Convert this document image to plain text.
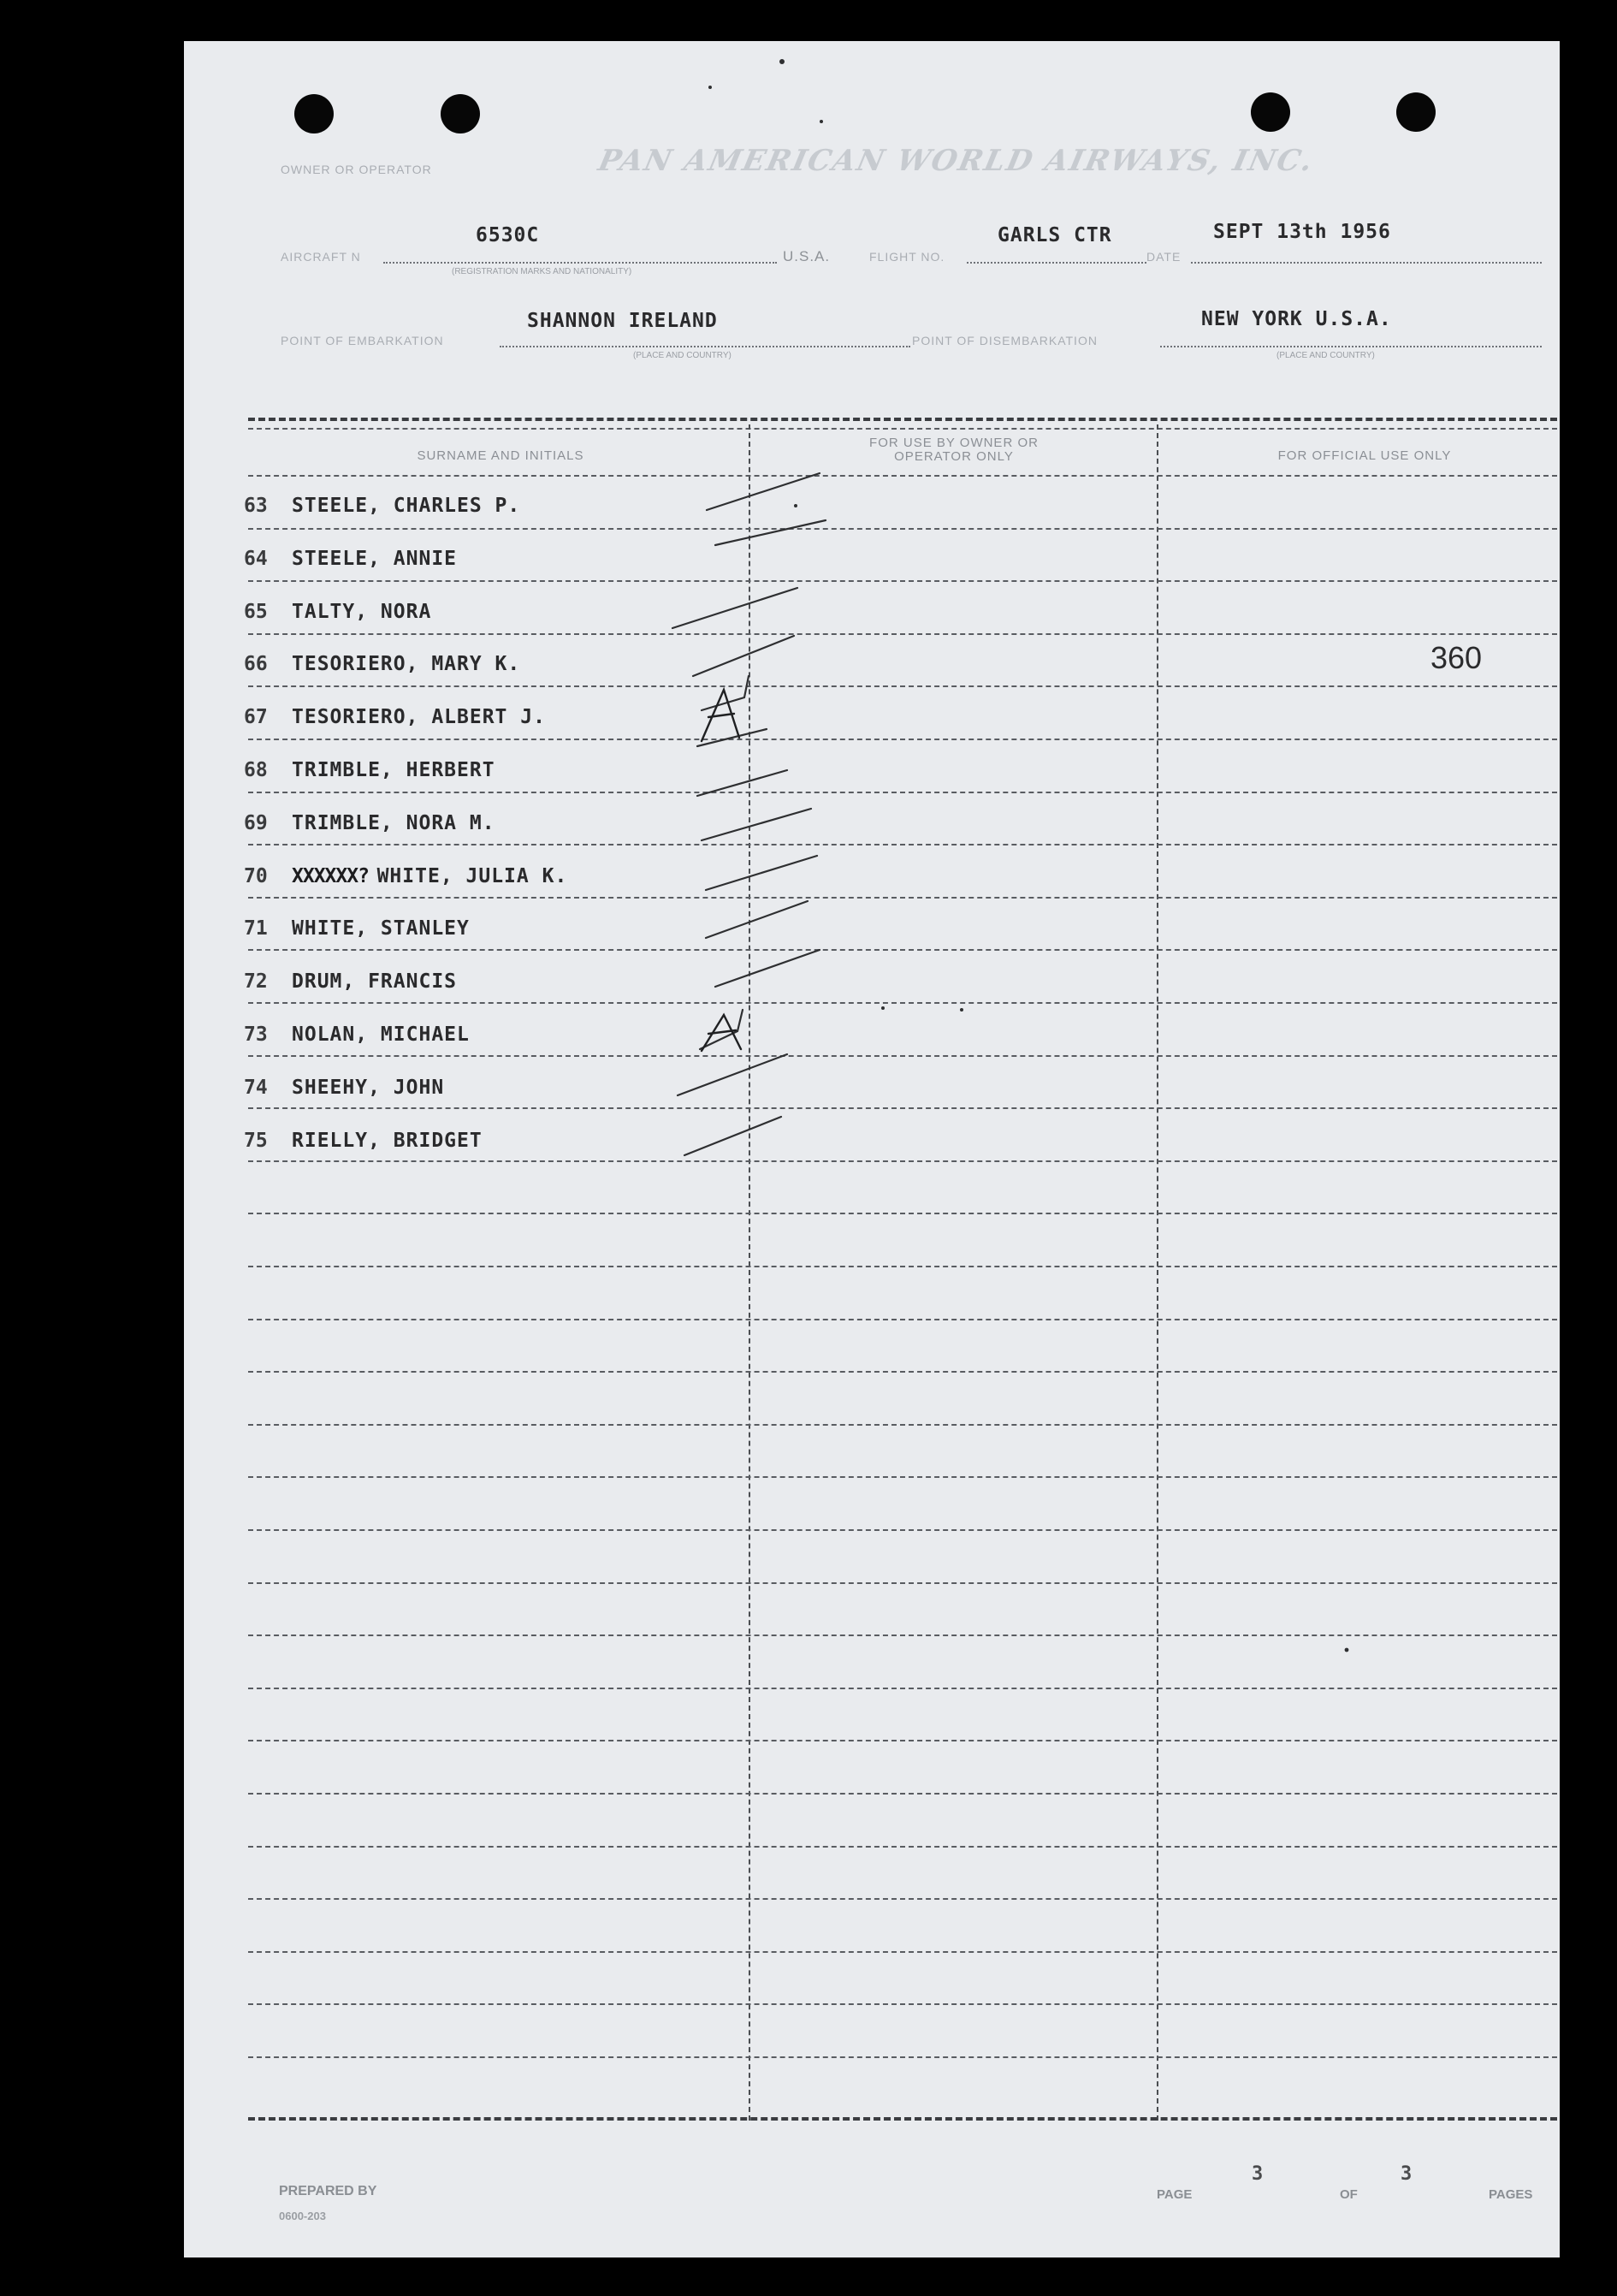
OWNER OR OPERATOR	PAN AMERICAN WORLD AIRWAYS, INC.
AIRCRAFT N
6530C
(REGISTRATION MARKS AND NATIONALITY)
U.S.A.	FLIGHT NO.
GARLS CTR
DATE
SEPT 13th 1956
POINT OF EMBARKATION
SHANNON IRELAND
(PLACE AND COUNTRY)
POINT OF DISEMBARKATION
NEW YORK U.S.A.
(PLACE AND COUNTRY)
SURNAME AND INITIALS
FOR USE BY OWNER OR OPERATOR ONLY	FOR OFFICIAL USE ONLY
63 STEELE, CHARLES P.
64 STEELE, ANNIE
65 TALTY, NORA
66 TESORIERO, MARY K.
67 TESORIERO, ALBERT J.
68 TRIMBLE, HERBERT
69 TRIMBLE, NORA M.
70 XXXXXX? WHITE, JULIA K.
71 WHITE, STANLEY
72 DRUM, FRANCIS
73 NOLAN, MICHAEL
74 SHEEHY, JOHN
75 RIELLY, BRIDGET
360
PREPARED BY
0600-203
PAGE
3
OF
3
PAGES
